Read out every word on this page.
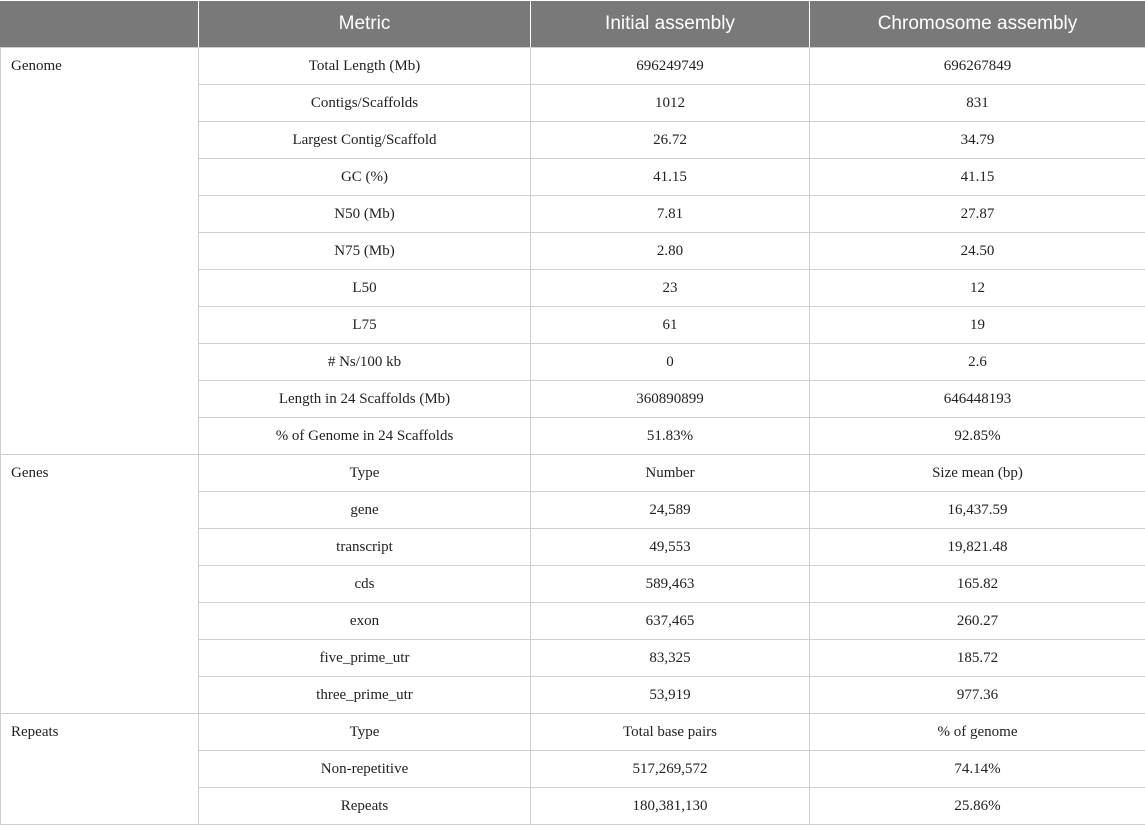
	Metric	Initial assembly	Chromosome assembly
Genome	Total Length (Mb)	696249749	696267849
	Contigs/Scaffolds	1012	831
	Largest Contig/Scaffold	26.72	34.79
	GC (%)	41.15	41.15
	N50 (Mb)	7.81	27.87
	N75 (Mb)	2.80	24.50
	L50	23	12
	L75	61	19
	# Ns/100 kb	0	2.6
	Length in 24 Scaffolds (Mb)	360890899	646448193
	% of Genome in 24 Scaffolds	51.83%	92.85%
Genes	Type	Number	Size mean (bp)
	gene	24,589	16,437.59
	transcript	49,553	19,821.48
	cds	589,463	165.82
	exon	637,465	260.27
	five_prime_utr	83,325	185.72
	three_prime_utr	53,919	977.36
Repeats	Type	Total base pairs	% of genome
	Non-repetitive	517,269,572	74.14%
	Repeats	180,381,130	25.86%
